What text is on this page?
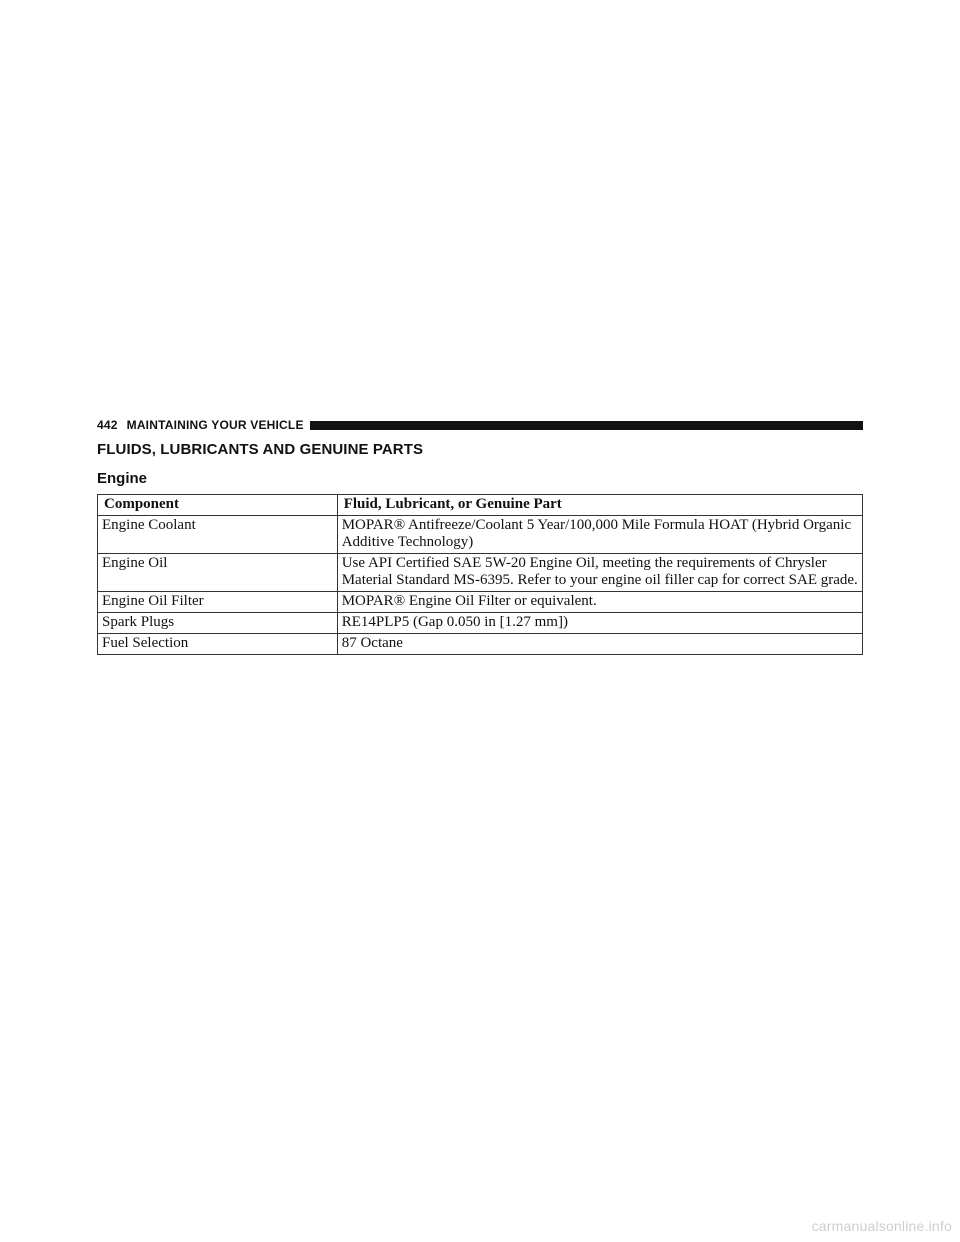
442 MAINTAINING YOUR VEHICLE
FLUIDS, LUBRICANTS AND GENUINE PARTS
Engine
Component	Fluid, Lubricant, or Genuine Part
Engine Coolant	MOPAR® Antifreeze/Coolant 5 Year/100,000 Mile Formula HOAT (Hybrid Organic Additive Technology)
Engine Oil	Use API Certified SAE 5W-20 Engine Oil, meeting the requirements of Chrysler Material Standard MS-6395. Refer to your engine oil filler cap for correct SAE grade.
Engine Oil Filter	MOPAR® Engine Oil Filter or equivalent.
Spark Plugs	RE14PLP5 (Gap 0.050 in [1.27 mm])
Fuel Selection	87 Octane
carmanualsonline.info
